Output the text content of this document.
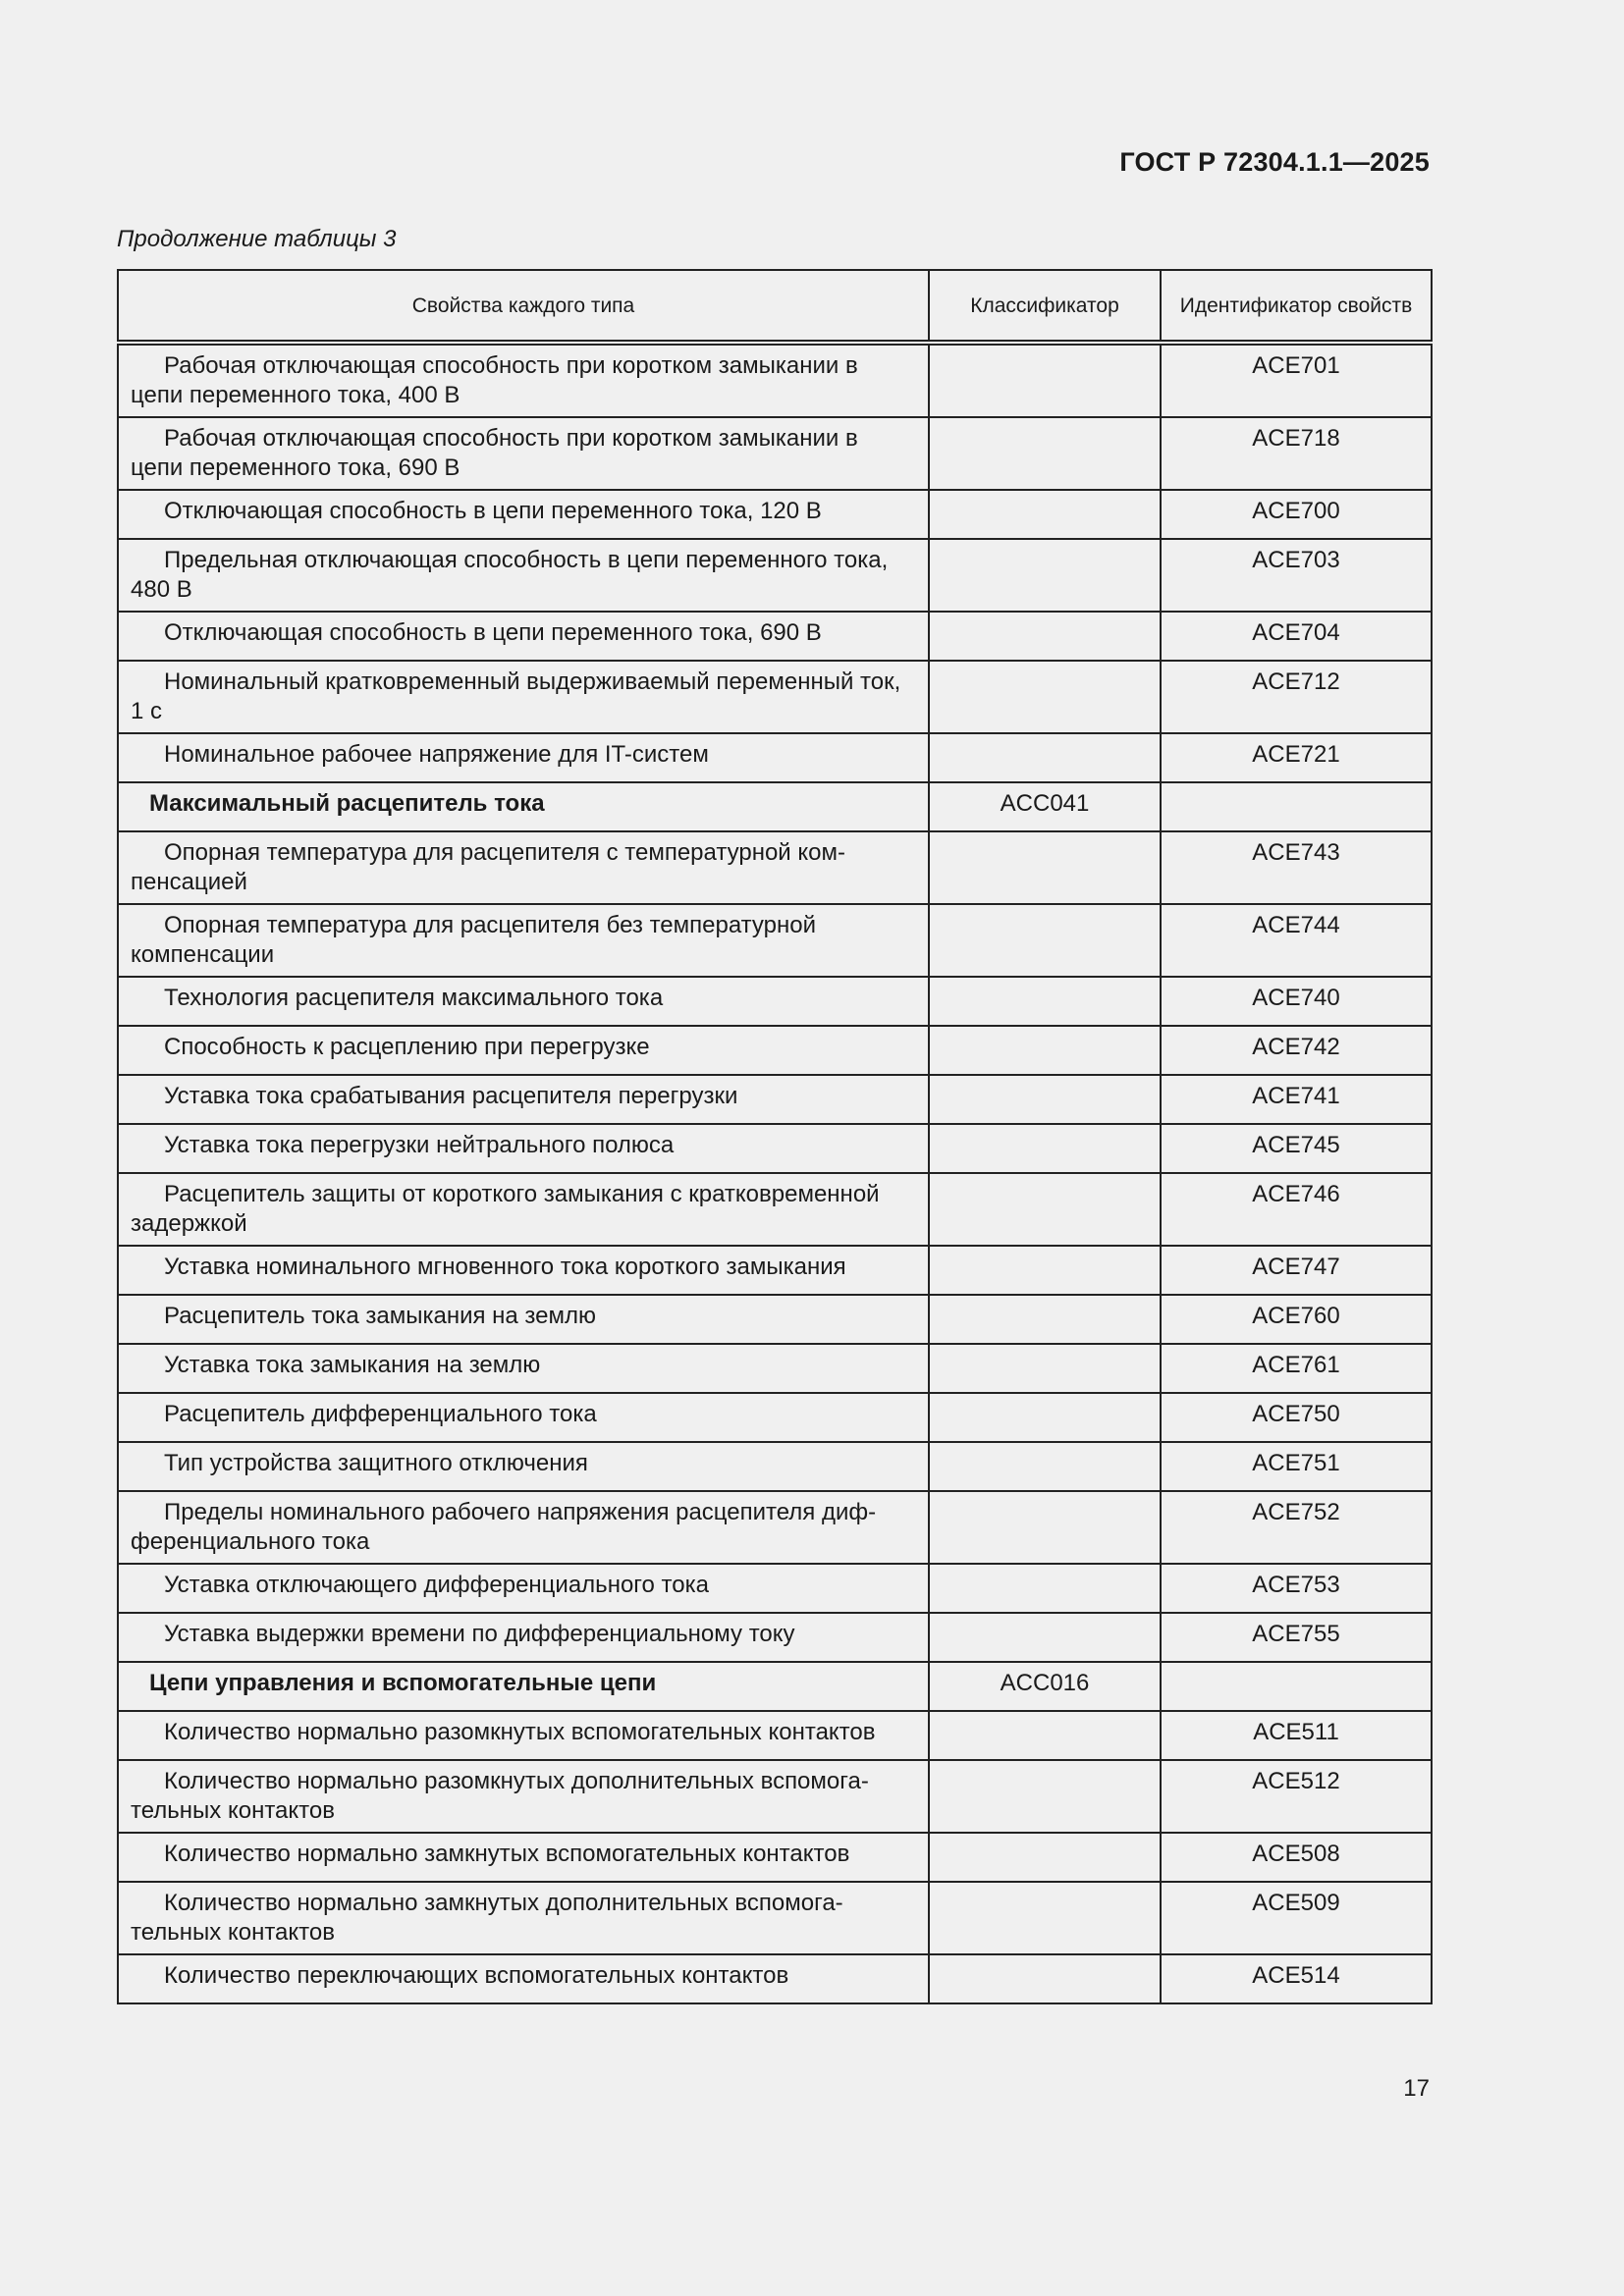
ГОСТ Р 72304.1.1—2025
Продолжение таблицы 3
Свойства каждого типа	Классификатор	Идентификатор свойств
Рабочая отключающая способность при коротком замыкании в цепи переменного тока, 400 В		ACE701
Рабочая отключающая способность при коротком замыкании в цепи переменного тока, 690 В		ACE718
Отключающая способность в цепи переменного тока, 120 В		ACE700
Предельная отключающая способность в цепи переменного тока, 480 В		ACE703
Отключающая способность в цепи переменного тока, 690 В		ACE704
Номинальный кратковременный выдерживаемый переменный ток, 1 с		ACE712
Номинальное рабочее напряжение для IT-систем		ACE721
Максимальный расцепитель тока	ACC041	
Опорная температура для расцепителя с температурной компенсацией		ACE743
Опорная температура для расцепителя без температурной компенсации		ACE744
Технология расцепителя максимального тока		ACE740
Способность к расцеплению при перегрузке		ACE742
Уставка тока срабатывания расцепителя перегрузки		ACE741
Уставка тока перегрузки нейтрального полюса		ACE745
Расцепитель защиты от короткого замыкания с кратковременной задержкой		ACE746
Уставка номинального мгновенного тока короткого замыкания		ACE747
Расцепитель тока замыкания на землю		ACE760
Уставка тока замыкания на землю		ACE761
Расцепитель дифференциального тока		ACE750
Тип устройства защитного отключения		ACE751
Пределы номинального рабочего напряжения расцепителя дифференциального тока		ACE752
Уставка отключающего дифференциального тока		ACE753
Уставка выдержки времени по дифференциальному току		ACE755
Цепи управления и вспомогательные цепи	ACC016	
Количество нормально разомкнутых вспомогательных контактов		ACE511
Количество нормально разомкнутых дополнительных вспомогательных контактов		ACE512
Количество нормально замкнутых вспомогательных контактов		ACE508
Количество нормально замкнутых дополнительных вспомогательных контактов		ACE509
Количество переключающих вспомогательных контактов		ACE514
17
